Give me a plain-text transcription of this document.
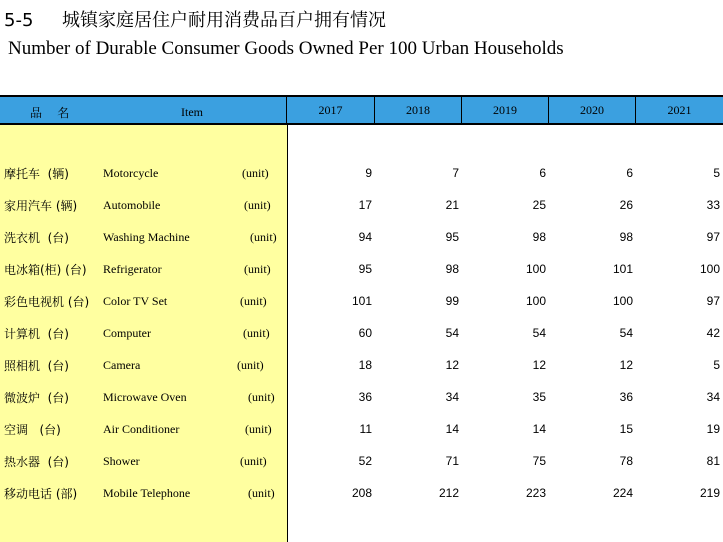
5-5 城镇家庭居住户耐用消费品百户拥有情况
Number of Durable Consumer Goods Owned Per 100 Urban Households
品    名	Item	2017	2018	2019	2020	2021
摩托车  (辆)	Motorcycle	(unit)	9	7	6	6	5
家用汽车 (辆) Automobile	(unit)	17	21	25	26	33
洗衣机  (台)	Washing Machine	(unit)	94	95	98	98	97
电冰箱(柜) (台) Refrigerator	(unit)	95	98	100	101	100
彩色电视机 (台) Color TV Set	(unit)	101	99	100	100	97
计算机  (台)	Computer	(unit)	60	54	54	54	42
照相机  (台)	Camera	(unit)	18	12	12	12	5
微波炉  (台)	Microwave Oven	(unit)	36	34	35	36	34
空调   (台)	Air Conditioner	(unit)	11	14	14	15	19
热水器  (台)	Shower	(unit)	52	71	75	78	81
移动电话 (部) Mobile Telephone	(unit)	208	212	223	224	219
